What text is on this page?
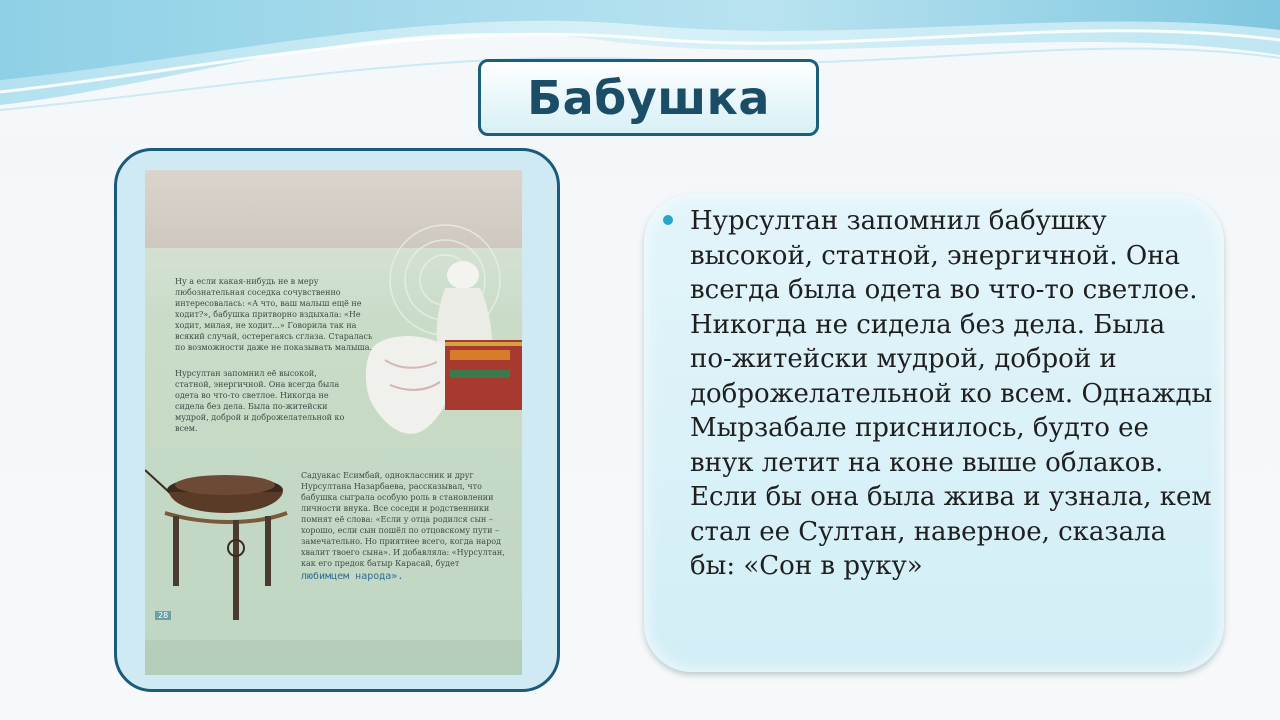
Бабушка
Ну а если какая-нибудь не в меру любознательная соседка сочувственно интересовалась: «А что, ваш малыш ещё не ходит?», бабушка притворно вздыхала: «Не ходит, милая, не ходит...» Говорила так на всякий случай, остерегаясь сглаза. Старалась по возможности даже не показывать малыша.
Нурсултан запомнил её высокой, статной, энергичной. Она всегда была одета во что-то светлое. Никогда не сидела без дела. Была по-житейски мудрой, доброй и доброжелательной ко всем.
Садуакас Есимбай, одноклассник и друг Нурсултана Назарбаева, рассказывал, что бабушка сыграла особую роль в становлении личности внука. Все соседи и родственники помнят её слова: «Если у отца родился сын – хорошо, если сын пошёл по отцовскому пути – замечательно. Но приятнее всего, когда народ хвалит твоего сына». И добавляла: «Нурсултан, как его предок батыр Карасай, будет
любимцем народа».
28
Нурсултан запомнил бабушку высокой, статной, энергичной. Она всегда была одета во что-то светлое. Никогда не сидела без дела. Была по-житейски мудрой, доброй и доброжелательной ко всем. Однажды Мырзабале приснилось, будто ее внук летит на коне выше облаков. Если бы она была жива и узнала, кем стал ее Султан, наверное, сказала бы: «Сон в руку»
